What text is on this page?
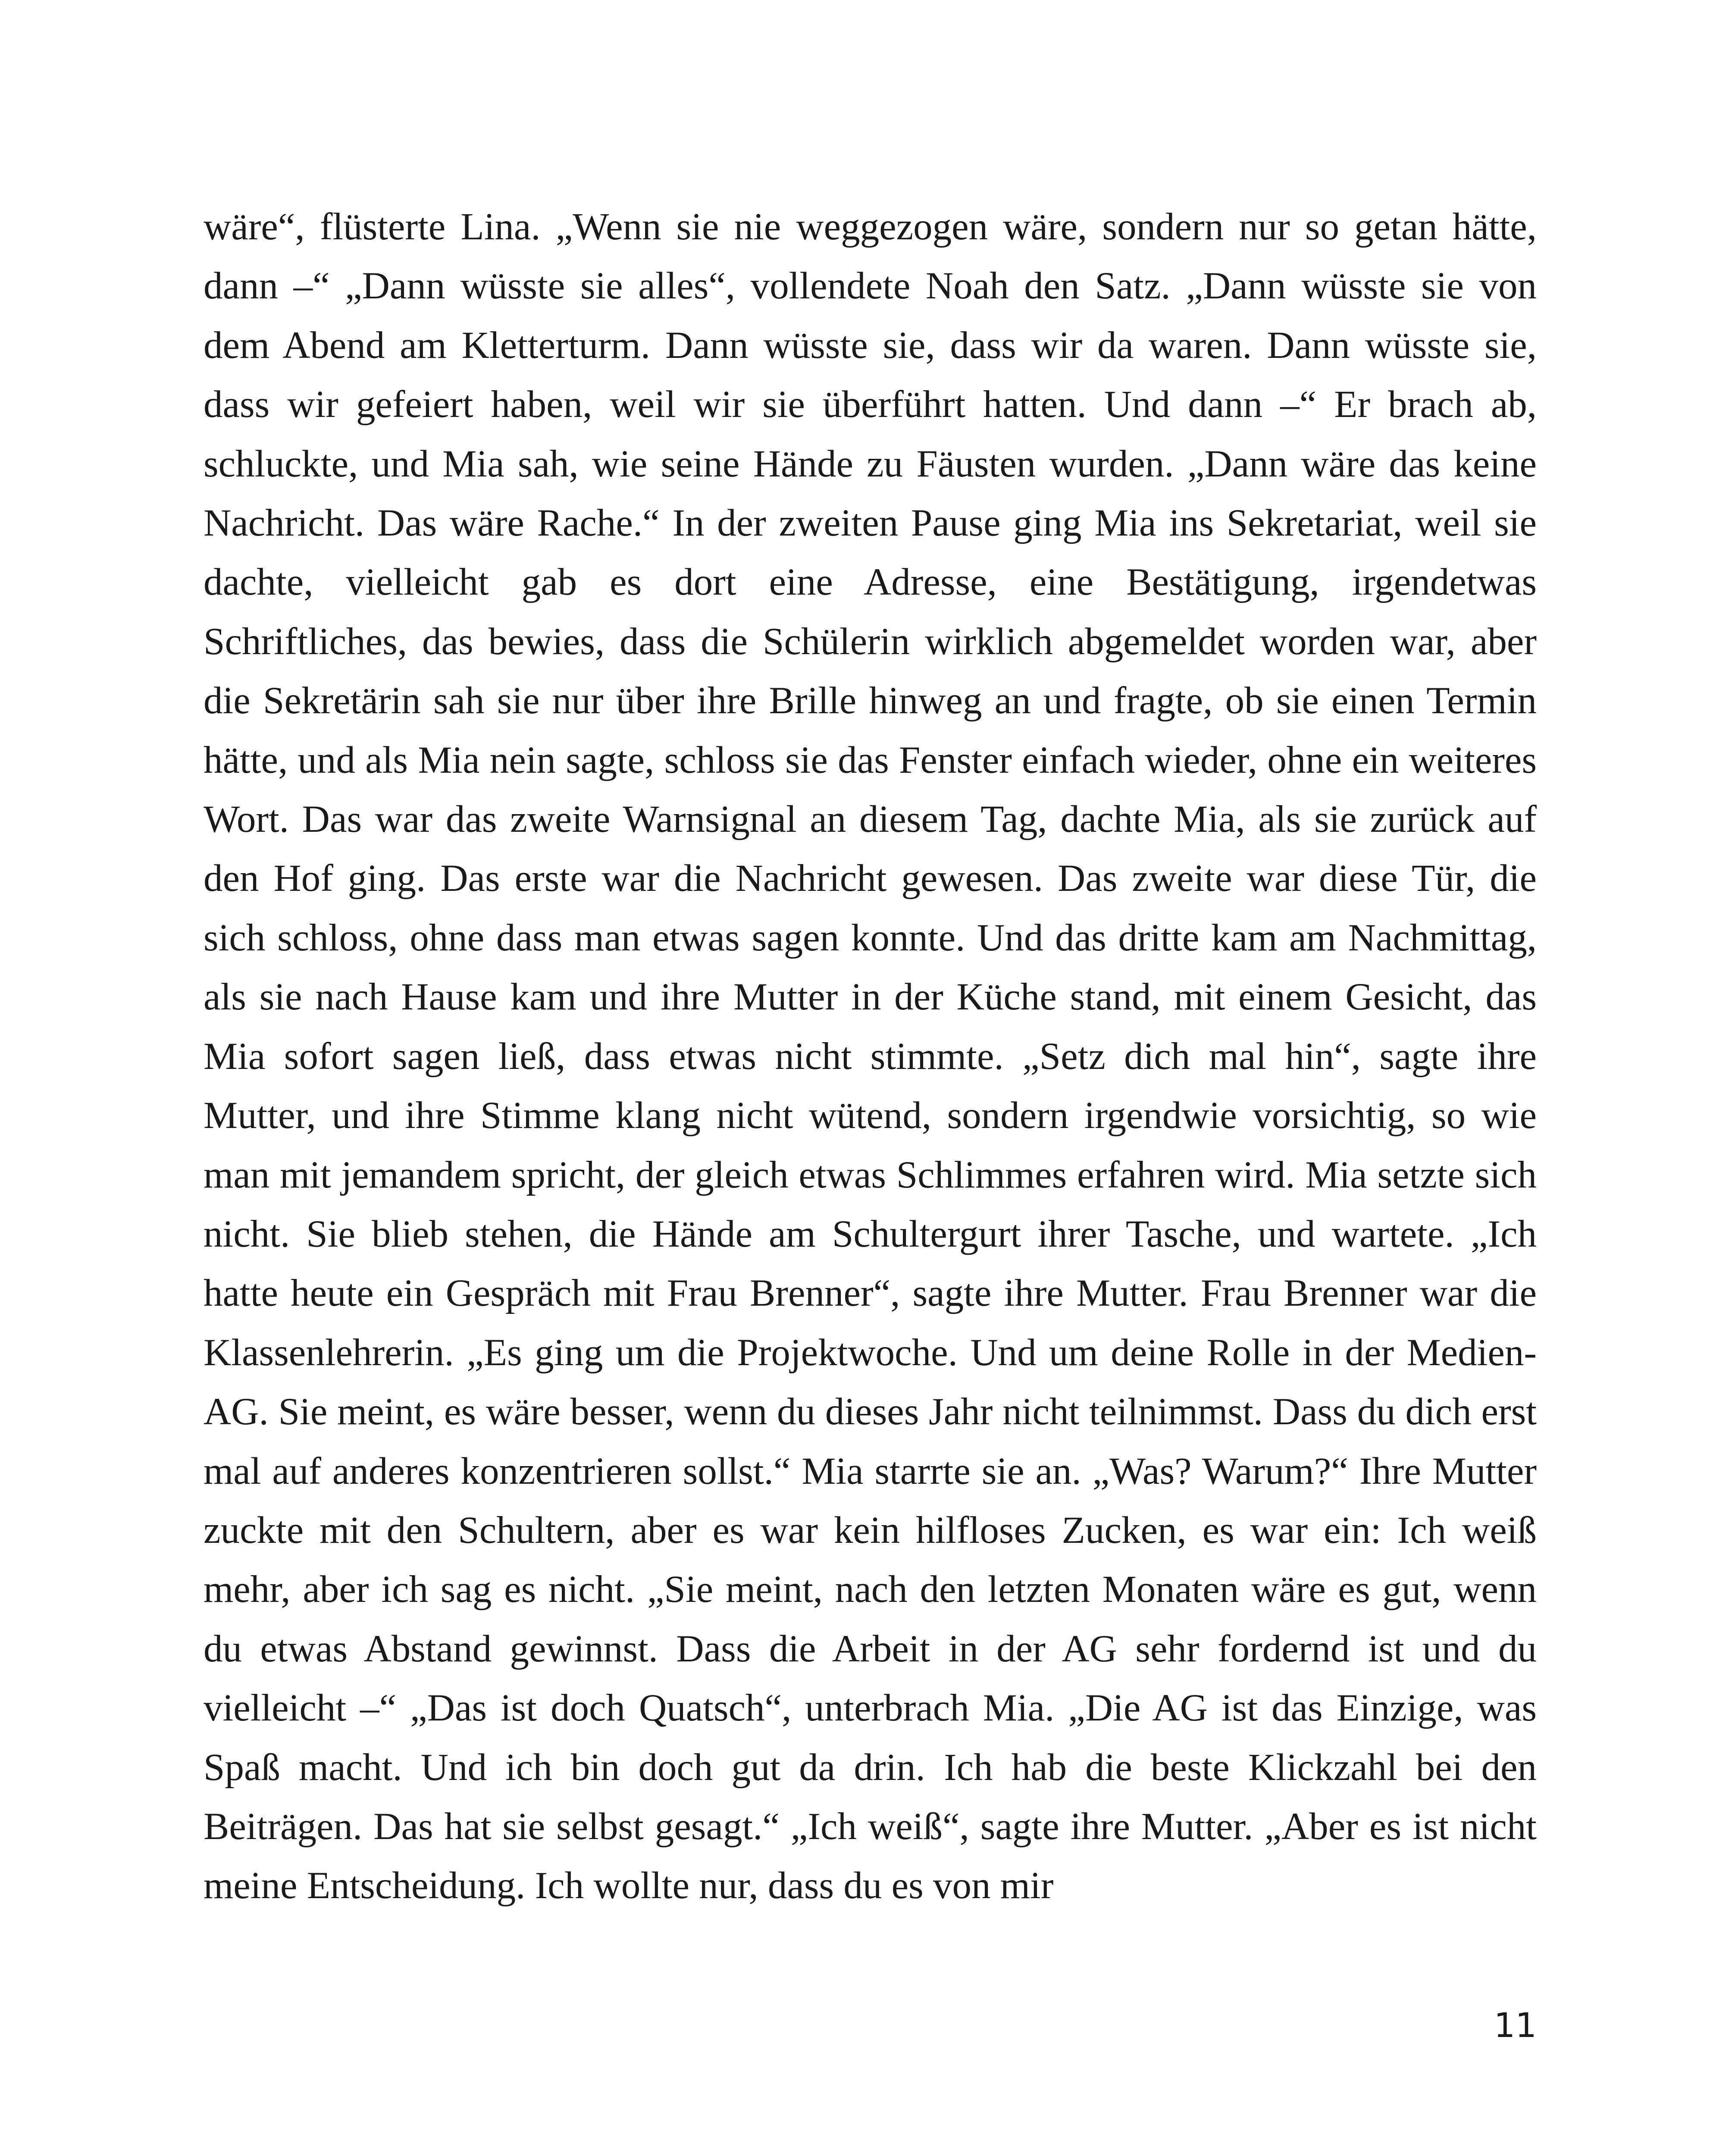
wäre“, flüsterte Lina. „Wenn sie nie weggezogen wäre, sondern nur so getan hätte, dann –“ „Dann wüsste sie alles“, vollendete Noah den Satz. „Dann wüsste sie von dem Abend am Kletterturm. Dann wüsste sie, dass wir da waren. Dann wüsste sie, dass wir gefeiert haben, weil wir sie überführt hatten. Und dann –“ Er brach ab, schluckte, und Mia sah, wie seine Hände zu Fäusten wurden. „Dann wäre das keine Nachricht. Das wäre Rache.“ In der zweiten Pause ging Mia ins Sekretariat, weil sie dachte, vielleicht gab es dort eine Adresse, eine Bestätigung, irgendetwas Schriftliches, das bewies, dass die Schülerin wirklich abgemeldet worden war, aber die Sekretärin sah sie nur über ihre Brille hinweg an und fragte, ob sie einen Termin hätte, und als Mia nein sagte, schloss sie das Fenster einfach wieder, ohne ein weiteres Wort. Das war das zweite Warnsignal an diesem Tag, dachte Mia, als sie zurück auf den Hof ging. Das erste war die Nachricht gewesen. Das zweite war diese Tür, die sich schloss, ohne dass man etwas sagen konnte. Und das dritte kam am Nachmittag, als sie nach Hause kam und ihre Mutter in der Küche stand, mit einem Gesicht, das Mia sofort sagen ließ, dass etwas nicht stimmte. „Setz dich mal hin“, sagte ihre Mutter, und ihre Stimme klang nicht wütend, sondern irgendwie vorsichtig, so wie man mit jemandem spricht, der gleich etwas Schlimmes erfahren wird. Mia setzte sich nicht. Sie blieb stehen, die Hände am Schultergurt ihrer Tasche, und wartete. „Ich hatte heute ein Gespräch mit Frau Brenner“, sagte ihre Mutter. Frau Brenner war die Klassenlehrerin. „Es ging um die Projektwoche. Und um deine Rolle in der Medien-AG. Sie meint, es wäre besser, wenn du dieses Jahr nicht teilnimmst. Dass du dich erst mal auf anderes konzentrieren sollst.“ Mia starrte sie an. „Was? Warum?“ Ihre Mutter zuckte mit den Schultern, aber es war kein hilfloses Zucken, es war ein: Ich weiß mehr, aber ich sag es nicht. „Sie meint, nach den letzten Monaten wäre es gut, wenn du etwas Abstand gewinnst. Dass die Arbeit in der AG sehr fordernd ist und du vielleicht –“ „Das ist doch Quatsch“, unterbrach Mia. „Die AG ist das Einzige, was Spaß macht. Und ich bin doch gut da drin. Ich hab die beste Klickzahl bei den Beiträgen. Das hat sie selbst gesagt.“ „Ich weiß“, sagte ihre Mutter. „Aber es ist nicht meine Entscheidung. Ich wollte nur, dass du es von mir

11
